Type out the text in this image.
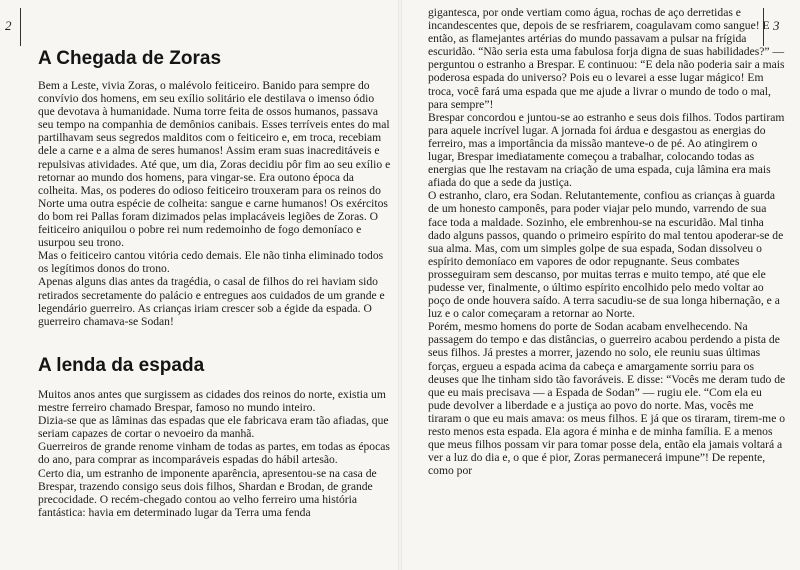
2
A Chegada de Zoras

Bem a Leste, vivia Zoras, o malévolo feiticeiro. Banido para sempre do convívio dos homens, em seu exílio solitário ele destilava o imenso ódio que devotava à humanidade. Numa torre feita de ossos humanos, passava seu tempo na companhia de demônios canibais. Esses terríveis entes do mal partilhavam seus segredos malditos com o feiticeiro e, em troca, recebiam dele a carne e a alma de seres humanos! Assim eram suas inacreditáveis e repulsivas atividades. Até que, um dia, Zoras decidiu pôr fim ao seu exílio e retornar ao mundo dos homens, para vingar-se. Era outono época da colheita. Mas, os poderes do odioso feiticeiro trouxeram para os reinos do Norte uma outra espécie de colheita: sangue e carne humanos! Os exércitos do bom rei Pallas foram dizimados pelas implacáveis legiões de Zoras. O feiticeiro aniquilou o pobre rei num redemoinho de fogo demoníaco e usurpou seu trono.

Mas o feiticeiro cantou vitória cedo demais. Ele não tinha eliminado todos os legítimos donos do trono.

Apenas alguns dias antes da tragédia, o casal de filhos do rei haviam sido retirados secretamente do palácio e entregues aos cuidados de um grande e legendário guerreiro. As crianças iriam crescer sob a égide da espada. O guerreiro chamava-se Sodan!

A lenda da espada

Muitos anos antes que surgissem as cidades dos reinos do norte, existia um mestre ferreiro chamado Brespar, famoso no mundo inteiro.

Dizia-se que as lâminas das espadas que ele fabricava eram tão afiadas, que seriam capazes de cortar o nevoeiro da manhã.

Guerreiros de grande renome vinham de todas as partes, em todas as épocas do ano, para comprar as incomparáveis espadas do hábil artesão.

Certo dia, um estranho de imponente aparência, apresentou-se na casa de Brespar, trazendo consigo seus dois filhos, Shardan e Brodan, de grande precocidade. O recém-chegado contou ao velho ferreiro uma história fantástica: havia em determinado lugar da Terra uma fenda

3

gigantesca, por onde vertiam como água, rochas de aço derretidas e incandescentes que, depois de se resfriarem, coagulavam como sangue! E então, as flamejantes artérias do mundo passavam a pulsar na frígida escuridão. “Não seria esta uma fabulosa forja digna de suas habilidades?” — perguntou o estranho a Brespar. E continuou: “E dela não poderia sair a mais poderosa espada do universo? Pois eu o levarei a esse lugar mágico! Em troca, você fará uma espada que me ajude a livrar o mundo de todo o mal, para sempre”!

Brespar concordou e juntou-se ao estranho e seus dois filhos. Todos partiram para aquele incrível lugar. A jornada foi árdua e desgastou as energias do ferreiro, mas a importância da missão manteve-o de pé. Ao atingirem o lugar, Brespar imediatamente começou a trabalhar, colocando todas as energias que lhe restavam na criação de uma espada, cuja lâmina era mais afiada do que a sede da justiça.

O estranho, claro, era Sodan. Relutantemente, confiou as crianças à guarda de um honesto camponês, para poder viajar pelo mundo, varrendo de sua face toda a maldade. Sozinho, ele embrenhou-se na escuridão. Mal tinha dado alguns passos, quando o primeiro espírito do mal tentou apoderar-se de sua alma. Mas, com um simples golpe de sua espada, Sodan dissolveu o espírito demoníaco em vapores de odor repugnante. Seus combates prosseguiram sem descanso, por muitas terras e muito tempo, até que ele pudesse ver, finalmente, o último espírito encolhido pelo medo voltar ao poço de onde houvera saído. A terra sacudiu-se de sua longa hibernação, e a luz e o calor começaram a retornar ao Norte.

Porém, mesmo homens do porte de Sodan acabam envelhecendo. Na passagem do tempo e das distâncias, o guerreiro acabou perdendo a pista de seus filhos. Já prestes a morrer, jazendo no solo, ele reuniu suas últimas forças, ergueu a espada acima da cabeça e amargamente sorriu para os deuses que lhe tinham sido tão favoráveis. E disse: “Vocês me deram tudo de que eu mais precisava — a Espada de Sodan” — rugiu ele. “Com ela eu pude devolver a liberdade e a justiça ao povo do norte. Mas, vocês me tiraram o que eu mais amava: os meus filhos. E já que os tiraram, tirem-me o resto menos esta espada. Ela agora é minha e de minha família. E a menos que meus filhos possam vir para tomar posse dela, então ela jamais voltará a ver a luz do dia e, o que é pior, Zoras permanecerá impune”! De repente, como por
